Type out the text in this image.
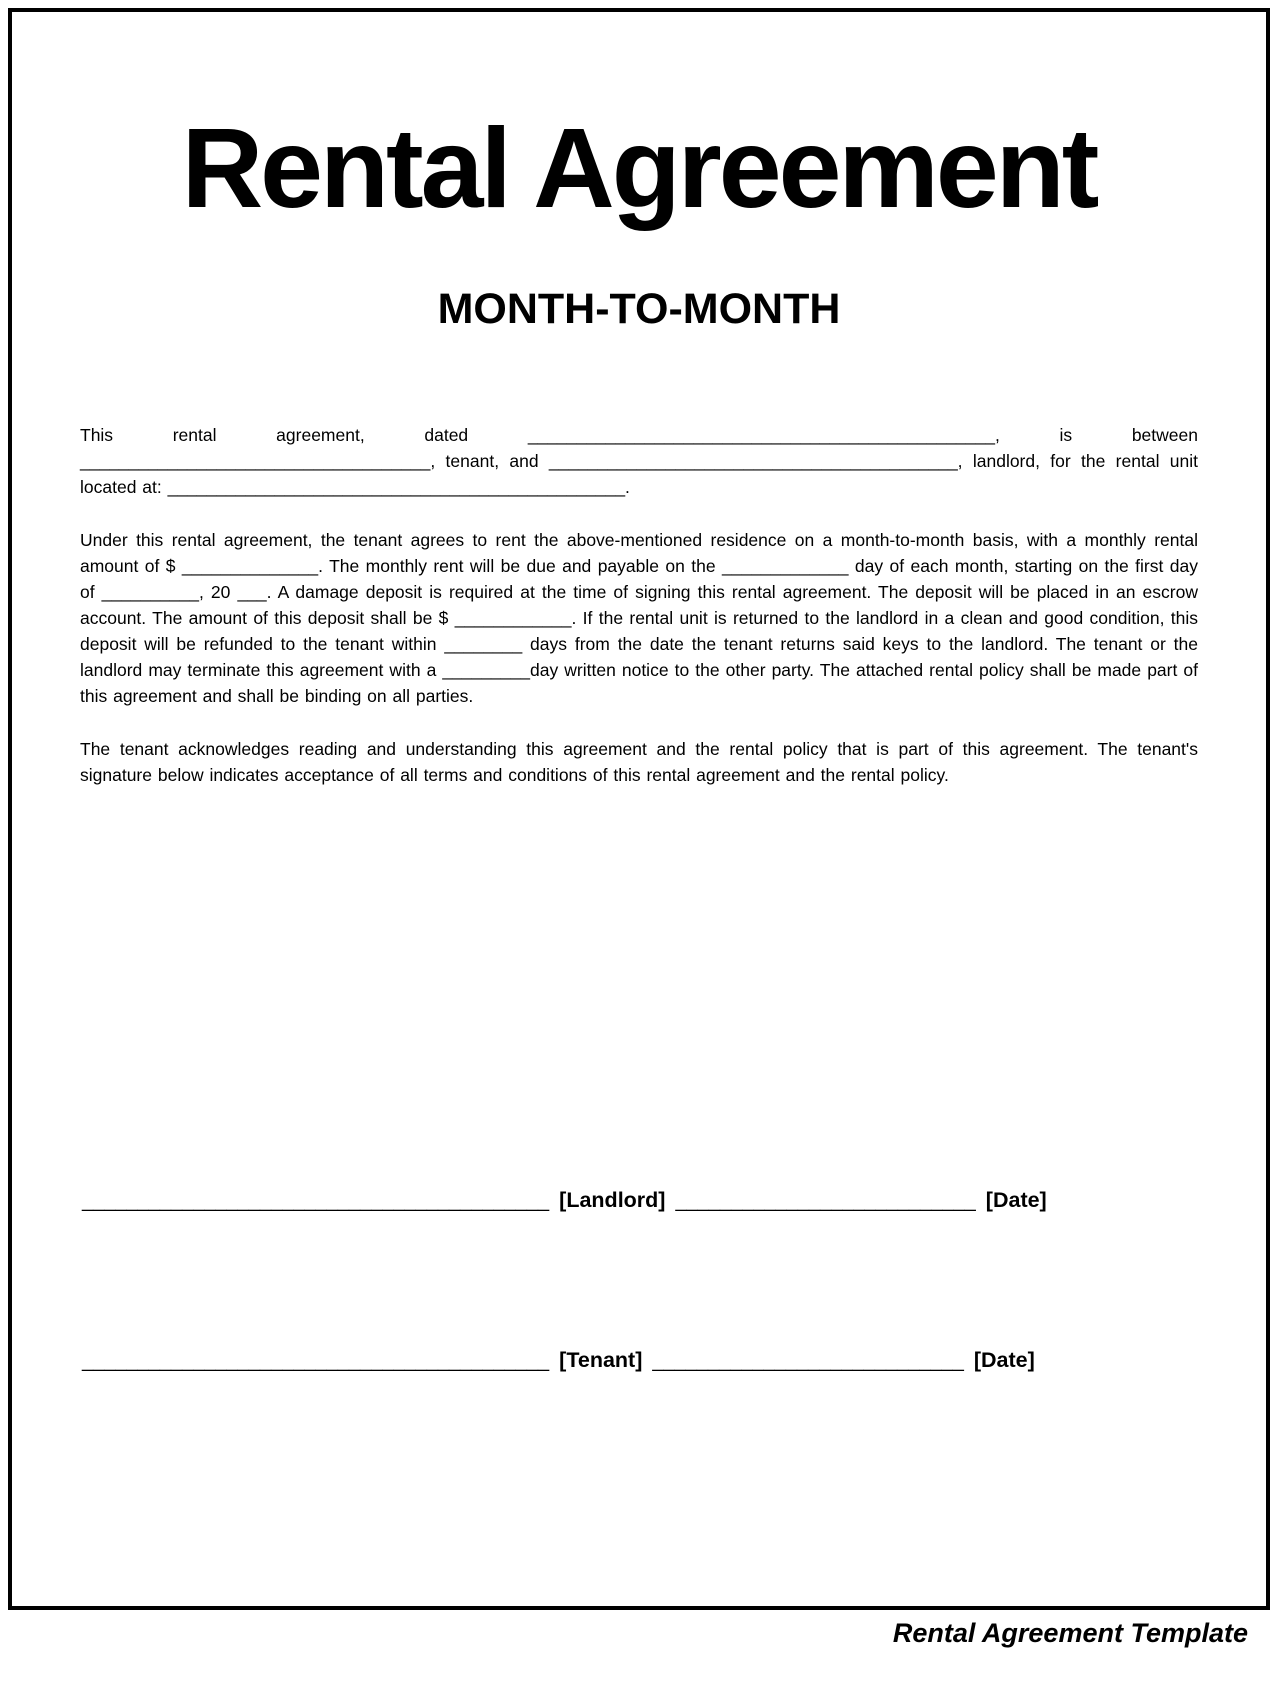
Rental Agreement
MONTH-TO-MONTH

This rental agreement, dated ________________________________________________, is between ____________________________________, tenant, and __________________________________________, landlord, for the rental unit located at: _______________________________________________.

Under this rental agreement, the tenant agrees to rent the above-mentioned residence on a month-to-month basis, with a monthly rental amount of $ ______________. The monthly rent will be due and payable on the _____________ day of each month, starting on the first day of __________, 20 ___. A damage deposit is required at the time of signing this rental agreement. The deposit will be placed in an escrow account. The amount of this deposit shall be $ ____________. If the rental unit is returned to the landlord in a clean and good condition, this deposit will be refunded to the tenant within ________ days from the date the tenant returns said keys to the landlord. The tenant or the landlord may terminate this agreement with a _________day written notice to the other party. The attached rental policy shall be made part of this agreement and shall be binding on all parties.

The tenant acknowledges reading and understanding this agreement and the rental policy that is part of this agreement. The tenant's signature below indicates acceptance of all terms and conditions of this rental agreement and the rental policy.

__________________________________________ [Landlord] ___________________________ [Date]
__________________________________________ [Tenant] ____________________________ [Date]
Rental Agreement Template
